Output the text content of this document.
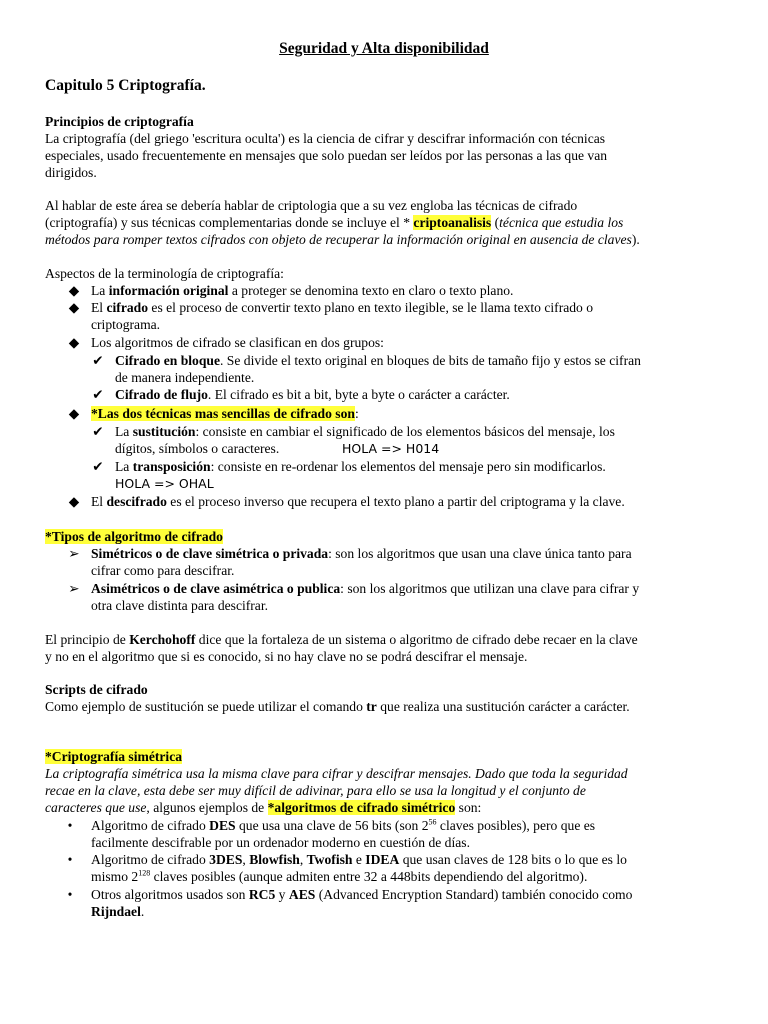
Seguridad y Alta disponibilidad
Capitulo 5 Criptografía.
Principios de criptografía
La criptografía (del griego 'escritura oculta') es la ciencia de cifrar y descifrar información con técnicas
especiales, usado frecuentemente en mensajes que solo puedan ser leídos por las personas a las que van
dirigidos.
Al hablar de este área se debería hablar de criptologia que a su vez engloba las técnicas de cifrado
(criptografía) y sus técnicas complementarias donde se incluye el * criptoanalisis (técnica que estudia los
métodos para romper textos cifrados con objeto de recuperar la información original en ausencia de claves).
Aspectos de la terminología de criptografía:
◆ La información original a proteger se denomina texto en claro o texto plano.
◆ El cifrado es el proceso de convertir texto plano en texto ilegible, se le llama texto cifrado o
criptograma.
◆ Los algoritmos de cifrado se clasifican en dos grupos:
✔ Cifrado en bloque. Se divide el texto original en bloques de bits de tamaño fijo y estos se cifran
de manera independiente.
✔ Cifrado de flujo. El cifrado es bit a bit, byte a byte o carácter a carácter.
◆ *Las dos técnicas mas sencillas de cifrado son:
✔ La sustitución: consiste en cambiar el significado de los elementos básicos del mensaje, los
dígitos, símbolos o caracteres.	HOLA => H014
✔ La transposición: consiste en re-ordenar los elementos del mensaje pero sin modificarlos.
HOLA => OHAL
◆ El descifrado es el proceso inverso que recupera el texto plano a partir del criptograma y la clave.
*Tipos de algoritmo de cifrado
➢ Simétricos o de clave simétrica o privada: son los algoritmos que usan una clave única tanto para
cifrar como para descifrar.
➢ Asimétricos o de clave asimétrica o publica: son los algoritmos que utilizan una clave para cifrar y
otra clave distinta para descifrar.
El principio de Kerchohoff dice que la fortaleza de un sistema o algoritmo de cifrado debe recaer en la clave
y no en el algoritmo que si es conocido, si no hay clave no se podrá descifrar el mensaje.
Scripts de cifrado
Como ejemplo de sustitución se puede utilizar el comando tr que realiza una sustitución carácter a carácter.
*Criptografía simétrica
La criptografía simétrica usa la misma clave para cifrar y descifrar mensajes. Dado que toda la seguridad
recae en la clave, esta debe ser muy difícil de adivinar, para ello se usa la longitud y el conjunto de
caracteres que use, algunos ejemplos de *algoritmos de cifrado simétrico son:
•	Algoritmo de cifrado DES que usa una clave de 56 bits (son $2^{56}$ claves posibles), pero que es
facilmente descifrable por un ordenador moderno en cuestión de días.
•	Algoritmo de cifrado 3DES, Blowfish, Twofish e IDEA que usan claves de 128 bits o lo que es lo
mismo $2^{128}$ claves posibles (aunque admiten entre 32 a 448bits dependiendo del algoritmo).
•	Otros algoritmos usados son RC5 y AES (Advanced Encryption Standard) también conocido como
Rijndael.
